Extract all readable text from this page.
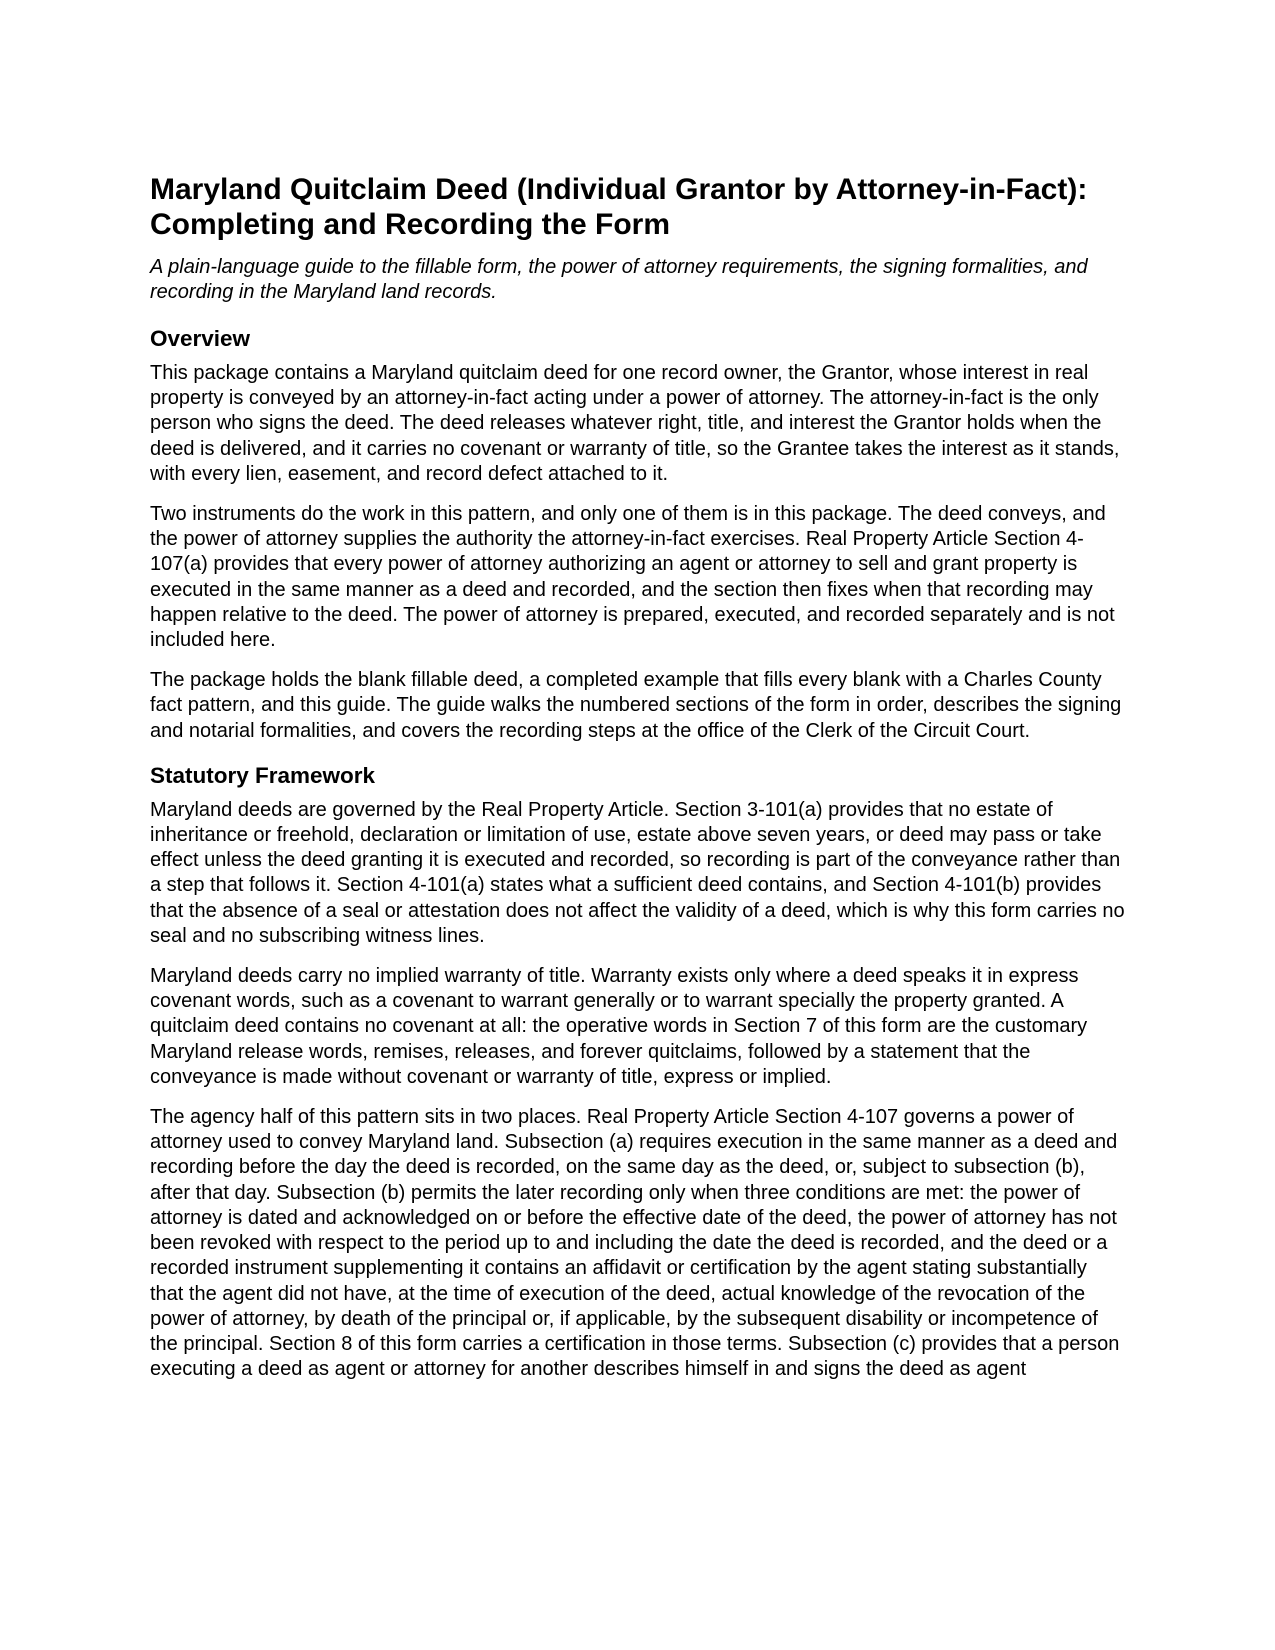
Maryland Quitclaim Deed (Individual Grantor by Attorney-in-Fact): Completing and Recording the Form

A plain-language guide to the fillable form, the power of attorney requirements, the signing formalities, and recording in the Maryland land records.

Overview

This package contains a Maryland quitclaim deed for one record owner, the Grantor, whose interest in real property is conveyed by an attorney-in-fact acting under a power of attorney. The attorney-in-fact is the only person who signs the deed. The deed releases whatever right, title, and interest the Grantor holds when the deed is delivered, and it carries no covenant or warranty of title, so the Grantee takes the interest as it stands, with every lien, easement, and record defect attached to it.

Two instruments do the work in this pattern, and only one of them is in this package. The deed conveys, and the power of attorney supplies the authority the attorney-in-fact exercises. Real Property Article Section 4-107(a) provides that every power of attorney authorizing an agent or attorney to sell and grant property is executed in the same manner as a deed and recorded, and the section then fixes when that recording may happen relative to the deed. The power of attorney is prepared, executed, and recorded separately and is not included here.

The package holds the blank fillable deed, a completed example that fills every blank with a Charles County fact pattern, and this guide. The guide walks the numbered sections of the form in order, describes the signing and notarial formalities, and covers the recording steps at the office of the Clerk of the Circuit Court.

Statutory Framework

Maryland deeds are governed by the Real Property Article. Section 3-101(a) provides that no estate of inheritance or freehold, declaration or limitation of use, estate above seven years, or deed may pass or take effect unless the deed granting it is executed and recorded, so recording is part of the conveyance rather than a step that follows it. Section 4-101(a) states what a sufficient deed contains, and Section 4-101(b) provides that the absence of a seal or attestation does not affect the validity of a deed, which is why this form carries no seal and no subscribing witness lines.

Maryland deeds carry no implied warranty of title. Warranty exists only where a deed speaks it in express covenant words, such as a covenant to warrant generally or to warrant specially the property granted. A quitclaim deed contains no covenant at all: the operative words in Section 7 of this form are the customary Maryland release words, remises, releases, and forever quitclaims, followed by a statement that the conveyance is made without covenant or warranty of title, express or implied.

The agency half of this pattern sits in two places. Real Property Article Section 4-107 governs a power of attorney used to convey Maryland land. Subsection (a) requires execution in the same manner as a deed and recording before the day the deed is recorded, on the same day as the deed, or, subject to subsection (b), after that day. Subsection (b) permits the later recording only when three conditions are met: the power of attorney is dated and acknowledged on or before the effective date of the deed, the power of attorney has not been revoked with respect to the period up to and including the date the deed is recorded, and the deed or a recorded instrument supplementing it contains an affidavit or certification by the agent stating substantially that the agent did not have, at the time of execution of the deed, actual knowledge of the revocation of the power of attorney, by death of the principal or, if applicable, by the subsequent disability or incompetence of the principal. Section 8 of this form carries a certification in those terms. Subsection (c) provides that a person executing a deed as agent or attorney for another describes himself in and signs the deed as agent
